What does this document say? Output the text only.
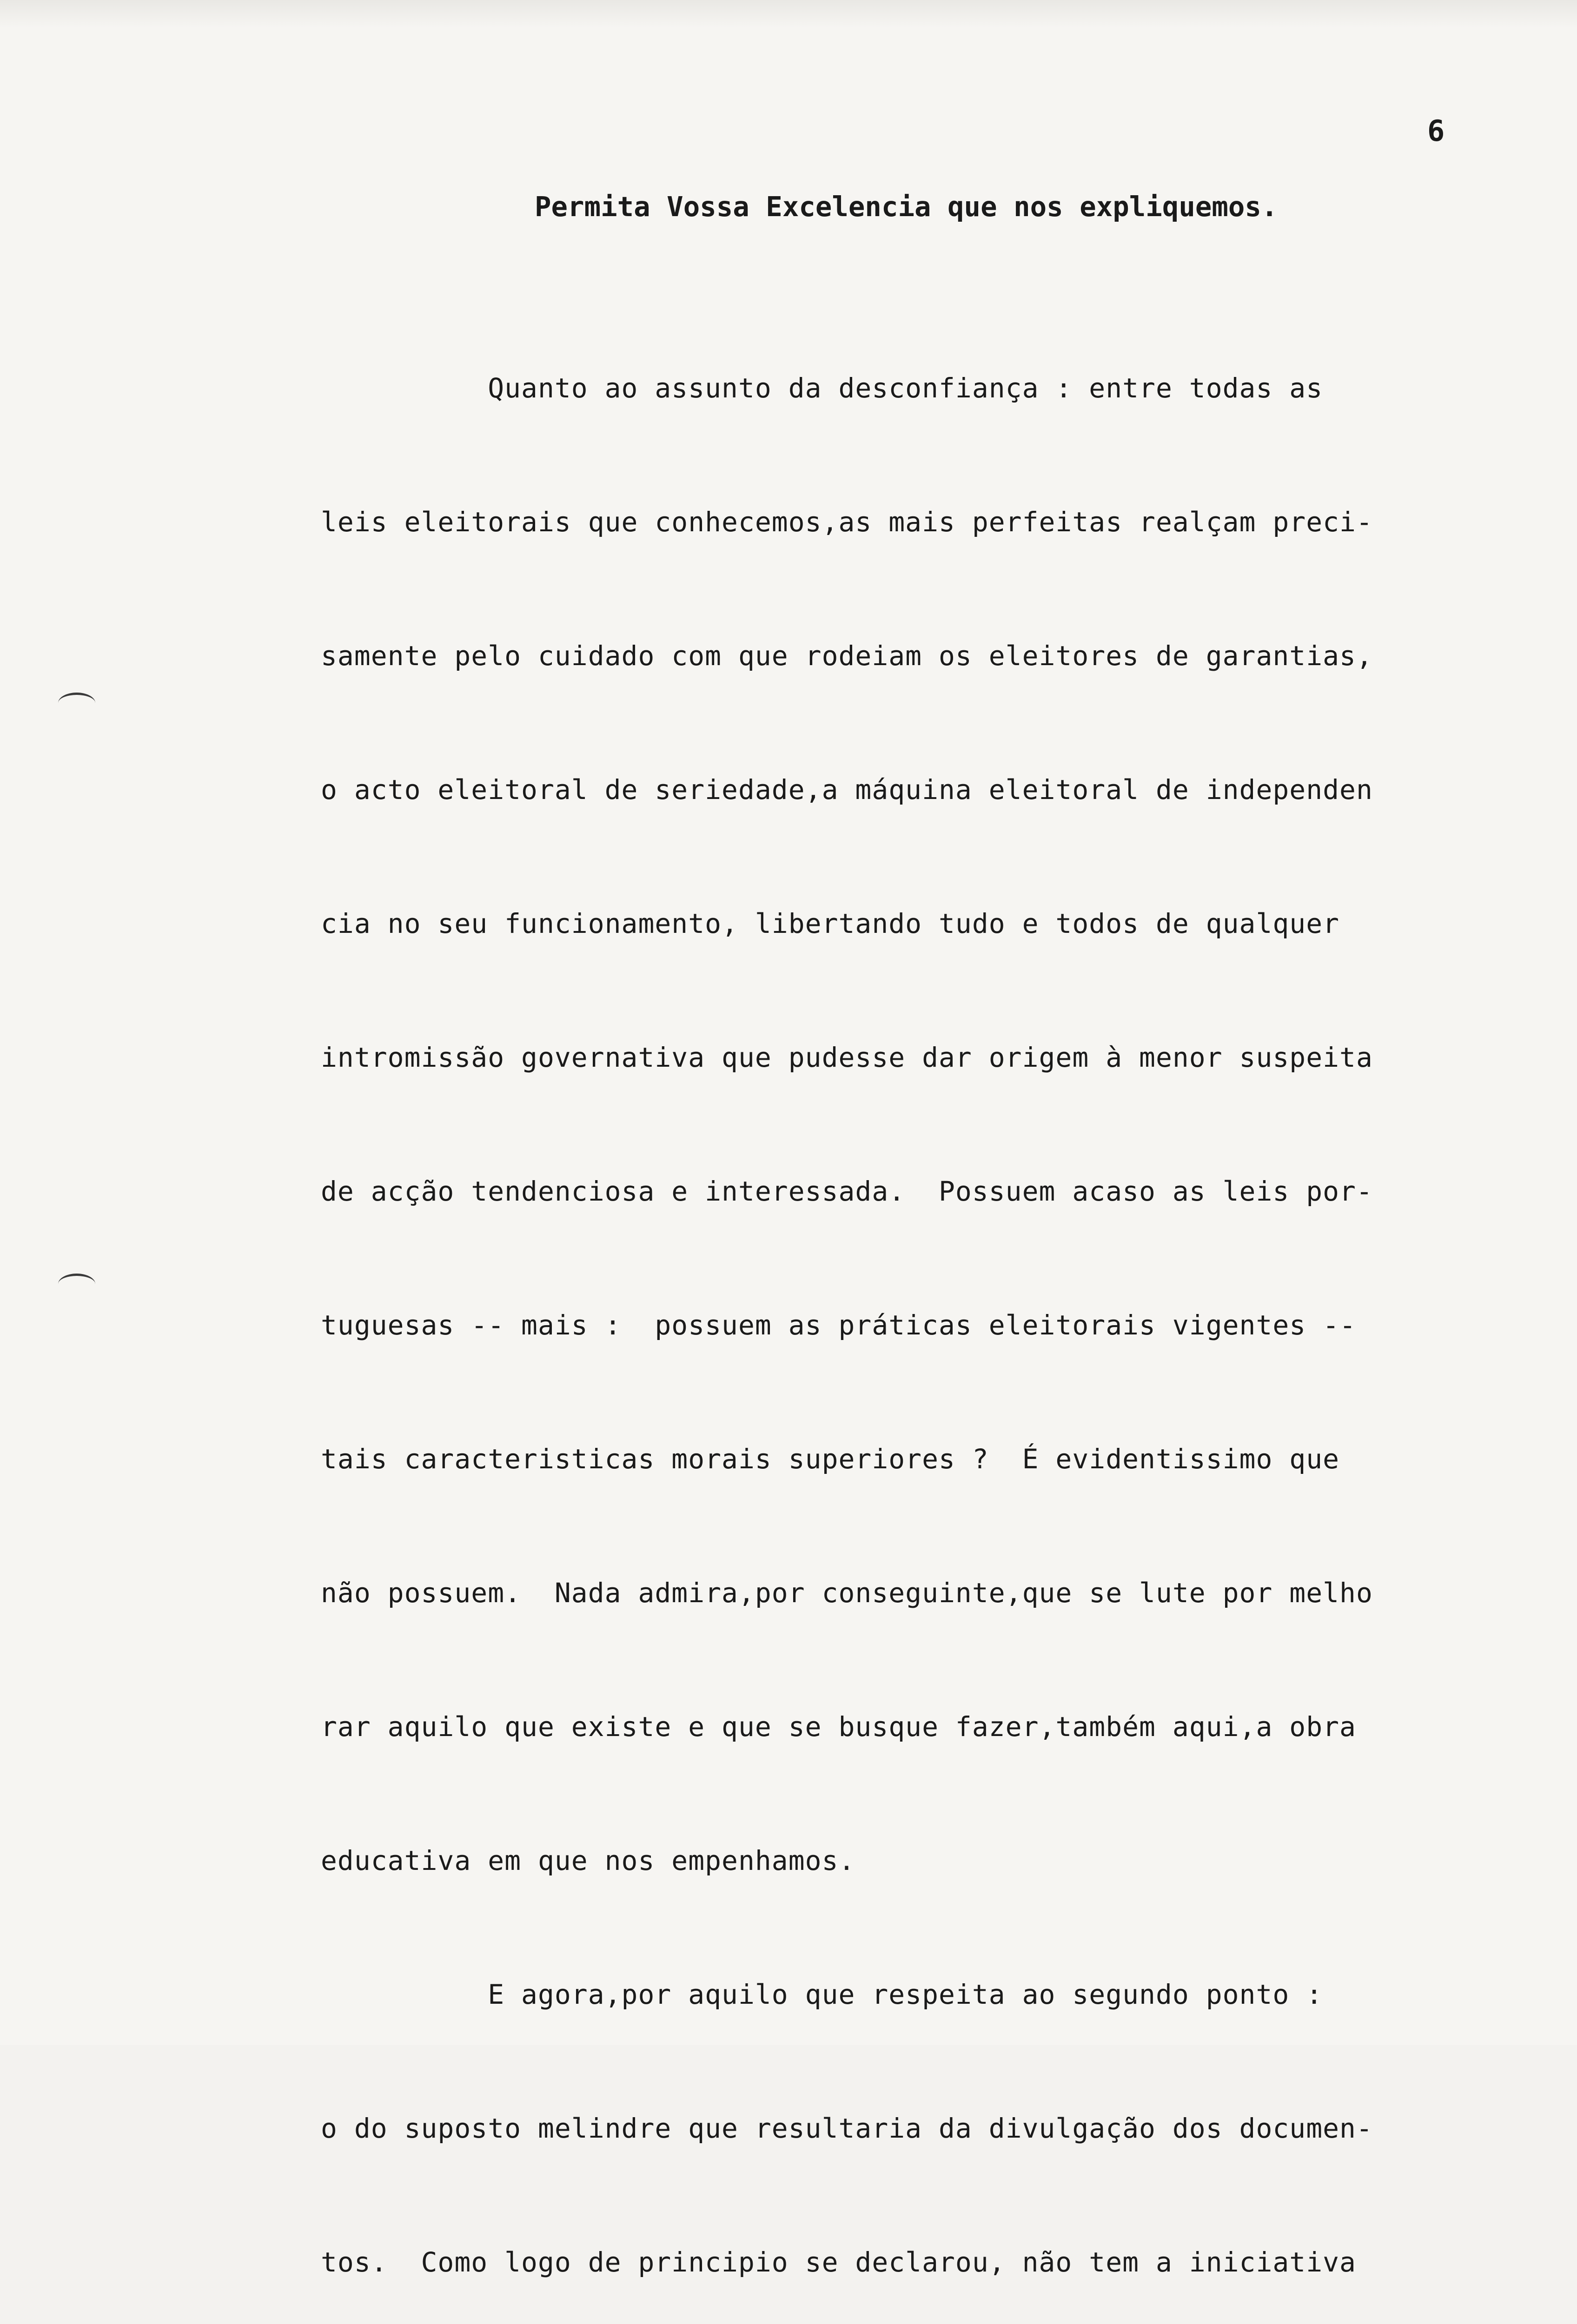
6
Permita Vossa Excelencia que nos expliquemos.

Quanto ao assunto da desconfiança : entre todas as

leis eleitorais que conhecemos,as mais perfeitas realçam preci-

samente pelo cuidado com que rodeiam os eleitores de garantias,

o acto eleitoral de seriedade,a máquina eleitoral de independen

cia no seu funcionamento, libertando tudo e todos de qualquer

intromissão governativa que pudesse dar origem à menor suspeita

de acção tendenciosa e interessada.  Possuem acaso as leis por-

tuguesas -- mais :  possuem as práticas eleitorais vigentes --

tais caracteristicas morais superiores ?  É evidentissimo que

não possuem.  Nada admira,por conseguinte,que se lute por melho

rar aquilo que existe e que se busque fazer,também aqui,a obra

educativa em que nos empenhamos.

E agora,por aquilo que respeita ao segundo ponto :

o do suposto melindre que resultaria da divulgação dos documen-

tos.  Como logo de principio se declarou, não tem a iniciativa
